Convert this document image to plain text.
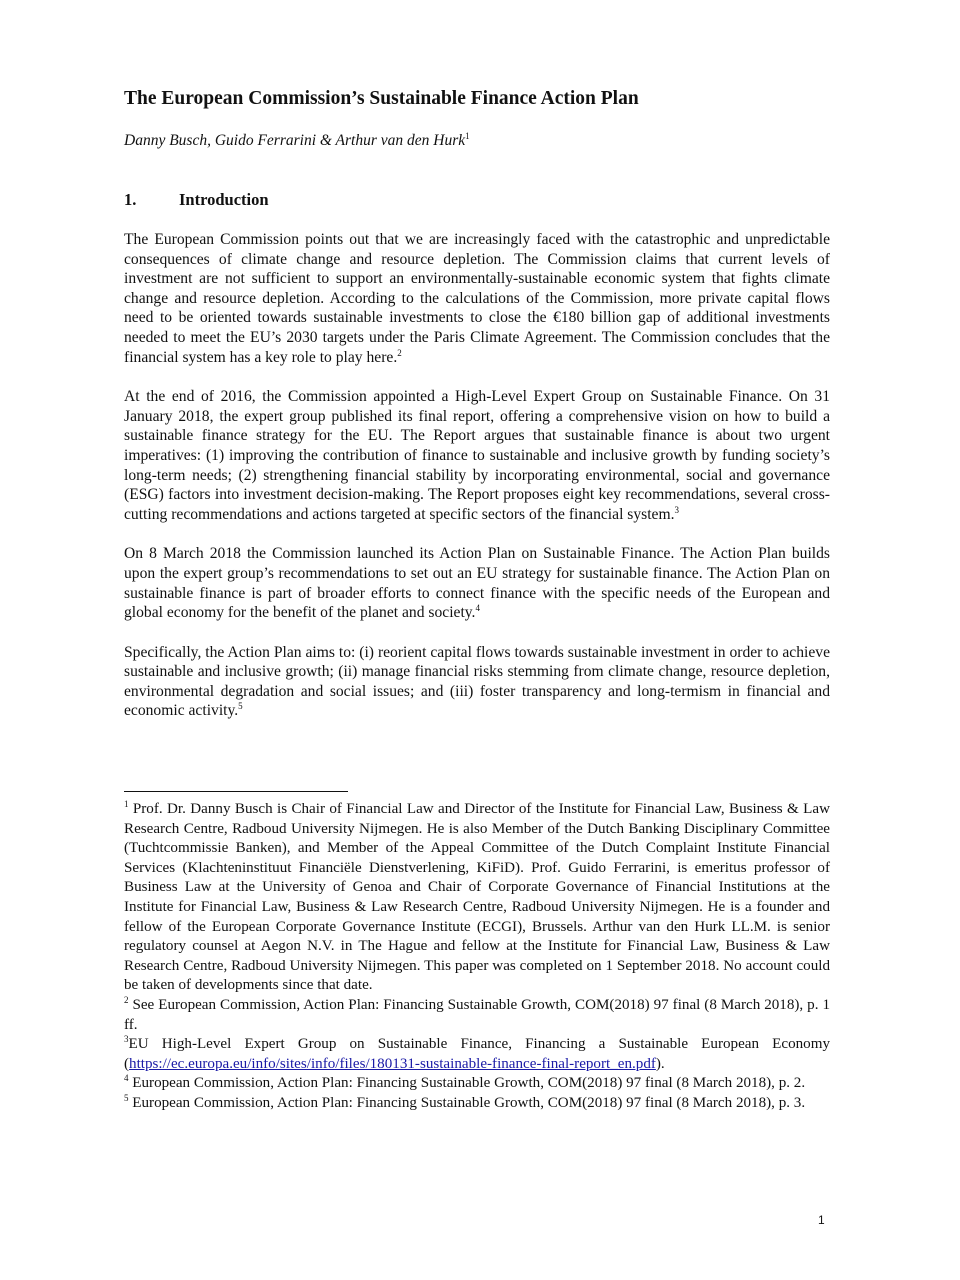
The European Commission’s Sustainable Finance Action Plan

Danny Busch, Guido Ferrarini & Arthur van den Hurk$^1$

1.	Introduction

The European Commission points out that we are increasingly faced with the catastrophic and unpredictable consequences of climate change and resource depletion. The Commission claims that current levels of investment are not sufficient to support an environmentally-sustainable economic system that fights climate change and resource depletion. According to the calculations of the Commission, more private capital flows need to be oriented towards sustainable investments to close the €180 billion gap of additional investments needed to meet the EU’s 2030 targets under the Paris Climate Agreement. The Commission concludes that the financial system has a key role to play here.$^2$

At the end of 2016, the Commission appointed a High-Level Expert Group on Sustainable Finance. On 31 January 2018, the expert group published its final report, offering a comprehensive vision on how to build a sustainable finance strategy for the EU. The Report argues that sustainable finance is about two urgent imperatives: (1) improving the contribution of finance to sustainable and inclusive growth by funding society’s long-term needs; (2) strengthening financial stability by incorporating environmental, social and governance (ESG) factors into investment decision-making. The Report proposes eight key recommendations, several cross-cutting recommendations and actions targeted at specific sectors of the financial system.$^3$

On 8 March 2018 the Commission launched its Action Plan on Sustainable Finance. The Action Plan builds upon the expert group’s recommendations to set out an EU strategy for sustainable finance. The Action Plan on sustainable finance is part of broader efforts to connect finance with the specific needs of the European and global economy for the benefit of the planet and society.$^4$

Specifically, the Action Plan aims to: (i) reorient capital flows towards sustainable investment in order to achieve sustainable and inclusive growth; (ii) manage financial risks stemming from climate change, resource depletion, environmental degradation and social issues; and (iii) foster transparency and long-termism in financial and economic activity.$^5$

$^1$ Prof. Dr. Danny Busch is Chair of Financial Law and Director of the Institute for Financial Law, Business & Law Research Centre, Radboud University Nijmegen. He is also Member of the Dutch Banking Disciplinary Committee (Tuchtcommissie Banken), and Member of the Appeal Committee of the Dutch Complaint Institute Financial Services (Klachteninstituut Financiële Dienstverlening, KiFiD). Prof. Guido Ferrarini, is emeritus professor of Business Law at the University of Genoa and Chair of Corporate Governance of Financial Institutions at the Institute for Financial Law, Business & Law Research Centre, Radboud University Nijmegen. He is a founder and fellow of the European Corporate Governance Institute (ECGI), Brussels. Arthur van den Hurk LL.M. is senior regulatory counsel at Aegon N.V. in The Hague and fellow at the Institute for Financial Law, Business & Law Research Centre, Radboud University Nijmegen. This paper was completed on 1 September 2018. No account could be taken of developments since that date.

$^2$ See European Commission, Action Plan: Financing Sustainable Growth, COM(2018) 97 final (8 March 2018), p. 1 ff.

$^3$EU High-Level Expert Group on Sustainable Finance, Financing a Sustainable European Economy (https://ec.europa.eu/info/sites/info/files/180131-sustainable-finance-final-report_en.pdf).

$^4$ European Commission, Action Plan: Financing Sustainable Growth, COM(2018) 97 final (8 March 2018), p. 2.

$^5$ European Commission, Action Plan: Financing Sustainable Growth, COM(2018) 97 final (8 March 2018), p. 3.

1
